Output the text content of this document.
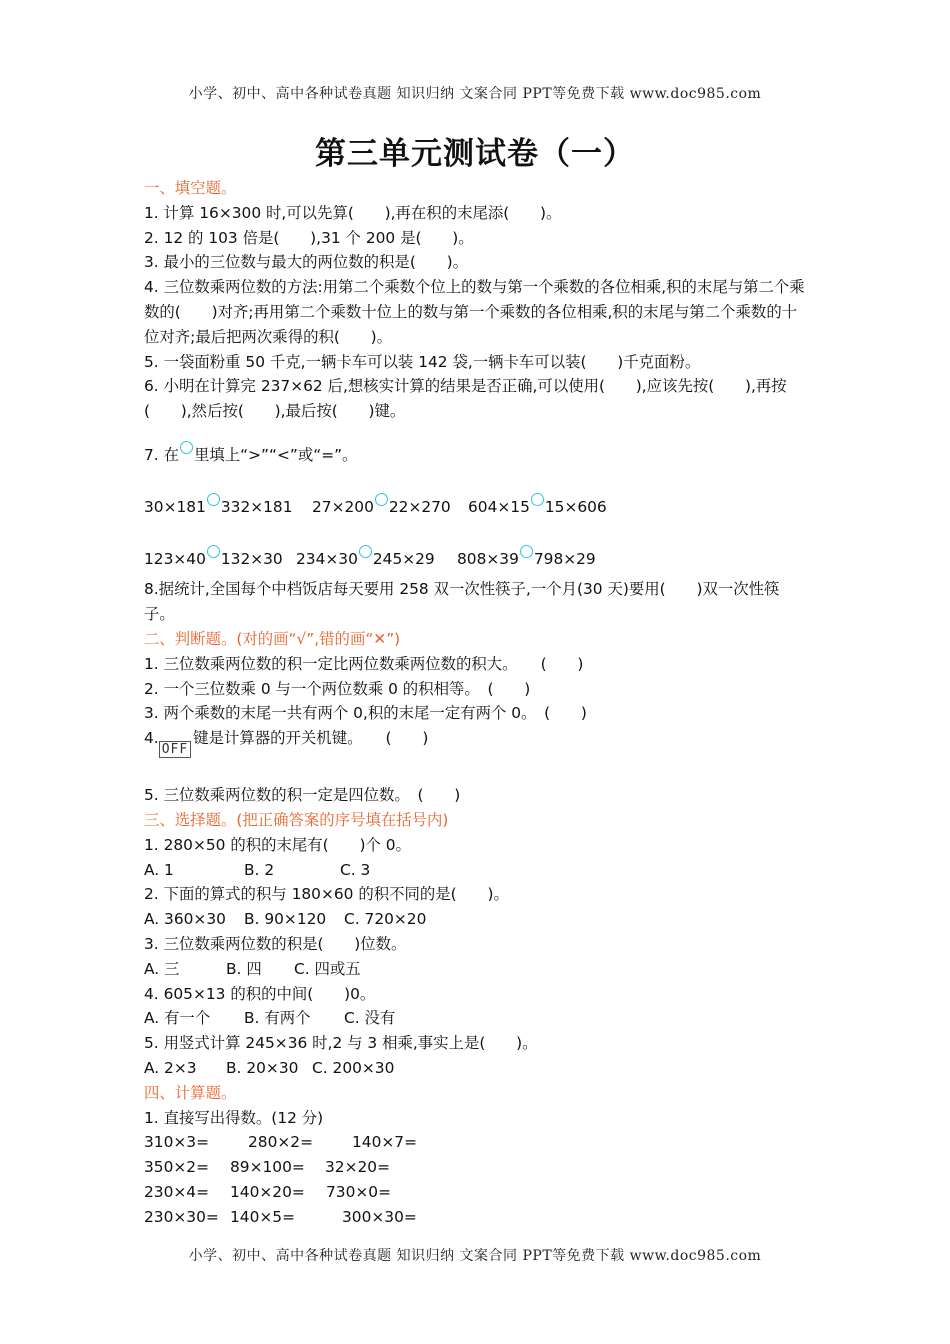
小学、初中、高中各种试卷真题 知识归纳 文案合同 PPT等免费下载 www.doc985.com
第三单元测试卷（一）
一、填空题。
1. 计算 16×300 时,可以先算(　　),再在积的末尾添(　　)。
2. 12 的 103 倍是(　　),31 个 200 是(　　)。
3. 最小的三位数与最大的两位数的积是(　　)。
4. 三位数乘两位数的方法:用第二个乘数个位上的数与第一个乘数的各位相乘,积的末尾与第二个乘数的(　　)对齐;再用第二个乘数十位上的数与第一个乘数的各位相乘,积的末尾与第二个乘数的十位对齐;最后把两次乘得的积(　　)。
5. 一袋面粉重 50 千克,一辆卡车可以装 142 袋,一辆卡车可以装(　　)千克面粉。
6. 小明在计算完 237×62 后,想核实计算的结果是否正确,可以使用(　　),应该先按(　　),再按(　　),然后按(　　),最后按(　　)键。
7. 在 里填上“>”“<”或“=”。
30×181 332×181	27×200 22×270	604×15 15×606
123×40 132×30 234×30 245×29	808×39 798×29
8.据统计,全国每个中档饭店每天要用 258 双一次性筷子,一个月(30 天)要用(　　)双一次性筷子。
二、判断题。(对的画“√”,错的画“✕”)
1. 三位数乘两位数的积一定比两位数乘两位数的积大。　　(　　)
2. 一个三位数乘 0 与一个两位数乘 0 的积相等。　(　　)
3. 两个乘数的末尾一共有两个 0,积的末尾一定有两个 0。　(　　)
4.OFF键是计算器的开关机键。　　(　　)
5. 三位数乘两位数的积一定是四位数。　(　　)
三、选择题。(把正确答案的序号填在括号内)
1. 280×50 的积的末尾有(　　)个 0。
A. 1	B. 2	C. 3
2. 下面的算式的积与 180×60 的积不同的是(　　)。
A. 360×30 B. 90×120 C. 720×20
3. 三位数乘两位数的积是(　　)位数。
A. 三	B. 四 C. 四或五
4. 605×13 的积的中间(　　)0。
A. 有一个 B. 有两个 C. 没有
5. 用竖式计算 245×36 时,2 与 3 相乘,事实上是(　　)。
A. 2×3 B. 20×30 C. 200×30
四、计算题。
1. 直接写出得数。(12 分)
310×3=	280×2=	140×7=
350×2=	89×100=	32×20=
230×4=	140×20=	730×0=
230×30= 140×5=	300×30=
小学、初中、高中各种试卷真题 知识归纳 文案合同 PPT等免费下载 www.doc985.com
